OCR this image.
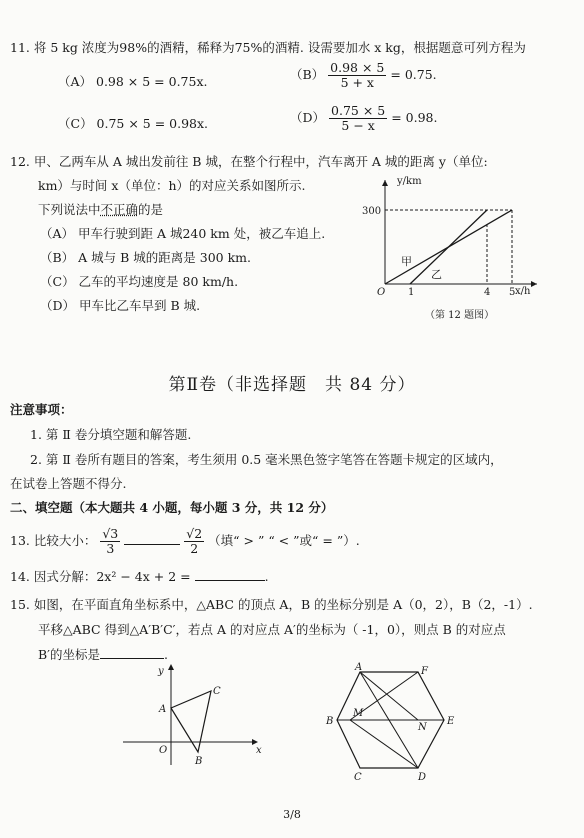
11. 将 5 kg 浓度为98%的酒精，稀释为75%的酒精. 设需要加水 x kg，根据题意可列方程为
（A） 0.98 × 5 = 0.75x.	$(B) \frac{0.98 \times 5}{5 + x} = 0.75$.
（C） 0.75 × 5 = 0.98x.	$(D) \frac{0.75 \times 5}{5 - x} = 0.98$.
12. 甲、乙两车从 A 城出发前往 B 城，在整个行程中，汽车离开 A 城的距离 y（单位:
km）与时间 x（单位：h）的对应关系如图所示.
下列说法中不正确的是
（A） 甲车行驶到距 A 城240 km 处，被乙车追上.
（B） A 城与 B 城的距离是 300 km.
（C） 乙车的平均速度是 80 km/h.
（D） 甲车比乙车早到 B 城.
y/km
x/h
300
O 1	4 5
甲
乙
（第 12 题图）
第Ⅱ卷（非选择题　共 84 分）
注意事项：
1. 第 Ⅱ 卷分填空题和解答题.
2. 第 Ⅱ 卷所有题目的答案，考生须用 0.5 毫米黑色签字笔答在答题卡规定的区域内，
在试卷上答题不得分.
二、填空题（本大题共 4 小题，每小题 3 分，共 12 分）
13. 比较大小： $\frac{√3}{3}$
	$\frac{√2}{2}$ （填“ > ” “ < ”或“ = ”）.
14. 因式分解：2x² − 4x + 2 =	.
15. 如图，在平面直角坐标系中，△ABC 的顶点 A，B 的坐标分别是 A（0，2），B（2，-1）.
平移△ABC 得到△A′B′C′，若点 A 的对应点 A′的坐标为（ -1，0），则点 B 的对应点
B′的坐标是	.
y
x
O
A
B
C
A	F
B
M
N
E
C	D
3/8
